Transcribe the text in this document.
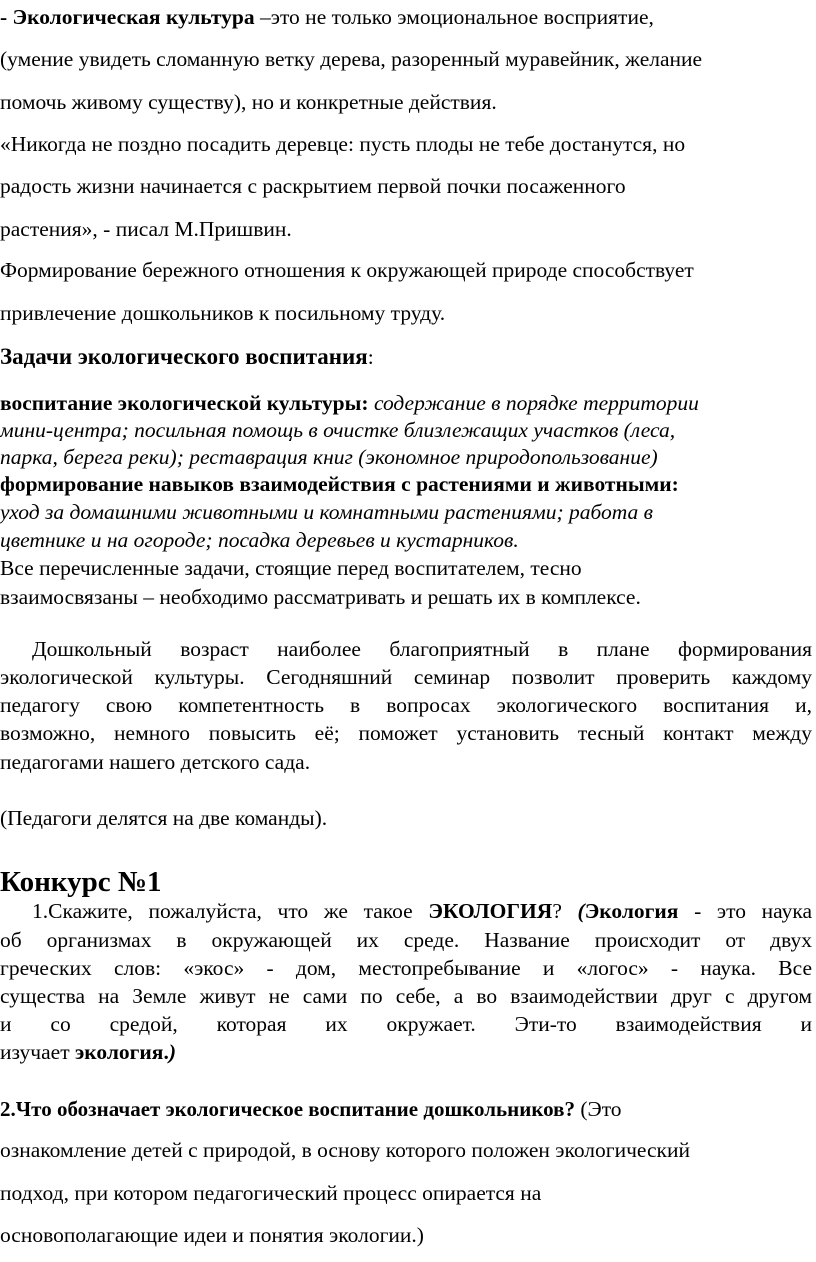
- Экологическая культура –это не только эмоциональное восприятие,
(умение увидеть сломанную ветку дерева, разоренный муравейник, желание
помочь живому существу), но и конкретные действия.
«Никогда не поздно посадить деревце: пусть плоды не тебе достанутся, но
радость жизни начинается с раскрытием первой почки посаженного
растения», - писал М.Пришвин.
Формирование бережного отношения к окружающей природе способствует
привлечение дошкольников к посильному труду.
Задачи экологического воспитания:
воспитание экологической культуры: содержание в порядке территории
мини-центра; посильная помощь в очистке близлежащих участков (леса,
парка, берега реки); реставрация книг (экономное природопользование)
формирование навыков взаимодействия с растениями и животными:
уход за домашними животными и комнатными растениями; работа в
цветнике и на огороде; посадка деревьев и кустарников.
Все перечисленные задачи, стоящие перед воспитателем, тесно
взаимосвязаны – необходимо рассматривать и решать их в комплексе.
Дошкольный возраст наиболее благоприятный в плане формирования
экологической культуры. Сегодняшний семинар позволит проверить каждому
педагогу свою компетентность в вопросах экологического воспитания и,
возможно, немного повысить её; поможет установить тесный контакт между
педагогами нашего детского сада.
(Педагоги делятся на две команды).
Конкурс №1
1.Скажите, пожалуйста, что же такое ЭКОЛОГИЯ? (Экология - это наука
об организмах в окружающей их среде. Название происходит от двух
греческих слов: «экос» - дом, местопребывание и «логос» - наука. Все
существа на Земле живут не сами по себе, а во взаимодействии друг с другом
и со средой, которая их окружает. Эти-то взаимодействия и
изучает экология.)
2.Что обозначает экологическое воспитание дошкольников? (Это
ознакомление детей с природой, в основу которого положен экологический
подход, при котором педагогический процесс опирается на
основополагающие идеи и понятия экологии.)
